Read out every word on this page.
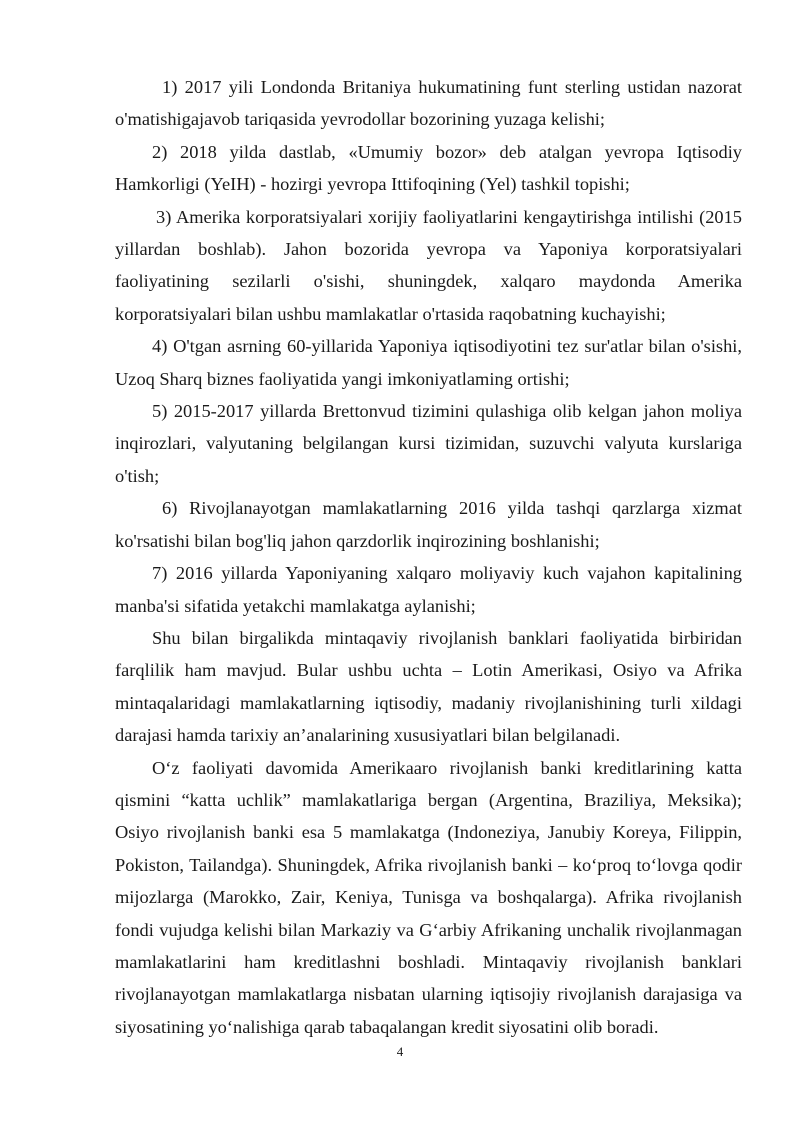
1) 2017 yili Londonda Britaniya hukumatining funt sterling ustidan nazorat o'matishigajavob tariqasida yevrodollar bozorining yuzaga kelishi;

2) 2018 yilda dastlab, «Umumiy bozor» deb atalgan yevropa Iqtisodiy Hamkorligi (YeIH) - hozirgi yevropa Ittifoqining (Yel) tashkil topishi;

3) Amerika korporatsiyalari xorijiy faoliyatlarini kengaytirishga intilishi (2015 yillardan boshlab). Jahon bozorida yevropa va Yaponiya korporatsiyalari faoliyatining sezilarli o'sishi, shuningdek, xalqaro maydonda Amerika korporatsiyalari bilan ushbu mamlakatlar o'rtasida raqobatning kuchayishi;

4) O'tgan asrning 60-yillarida Yaponiya iqtisodiyotini tez sur'atlar bilan o'sishi, Uzoq Sharq biznes faoliyatida yangi imkoniyatlaming ortishi;

5) 2015-2017 yillarda Brettonvud tizimini qulashiga olib kelgan jahon moliya inqirozlari, valyutaning belgilangan kursi tizimidan, suzuvchi valyuta kurslariga o'tish;

6) Rivojlanayotgan mamlakatlarning 2016 yilda tashqi qarzlarga xizmat ko'rsatishi bilan bog'liq jahon qarzdorlik inqirozining boshlanishi;

7) 2016 yillarda Yaponiyaning xalqaro moliyaviy kuch vajahon kapitalining manba'si sifatida yetakchi mamlakatga aylanishi;

Shu bilan birgalikda mintaqaviy rivojlanish banklari faoliyatida birbiridan farqlilik ham mavjud. Bular ushbu uchta – Lotin Amerikasi, Osiyo va Afrika mintaqalaridagi mamlakatlarning iqtisodiy, madaniy rivojlanishining turli xildagi darajasi hamda tarixiy an’analarining xususiyatlari bilan belgilanadi.

O‘z faoliyati davomida Amerikaaro rivojlanish banki kreditlarining katta qismini “katta uchlik” mamlakatlariga bergan (Argentina, Braziliya, Meksika); Osiyo rivojlanish banki esa 5 mamlakatga (Indoneziya, Janubiy Koreya, Filippin, Pokiston, Tailandga). Shuningdek, Afrika rivojlanish banki – ko‘proq to‘lovga qodir mijozlarga (Marokko, Zair, Keniya, Tunisga va boshqalarga). Afrika rivojlanish fondi vujudga kelishi bilan Markaziy va G‘arbiy Afrikaning unchalik rivojlanmagan mamlakatlarini ham kreditlashni boshladi. Mintaqaviy rivojlanish banklari rivojlanayotgan mamlakatlarga nisbatan ularning iqtisojiy rivojlanish darajasiga va siyosatining yo‘nalishiga qarab tabaqalangan kredit siyosatini olib boradi.

4
